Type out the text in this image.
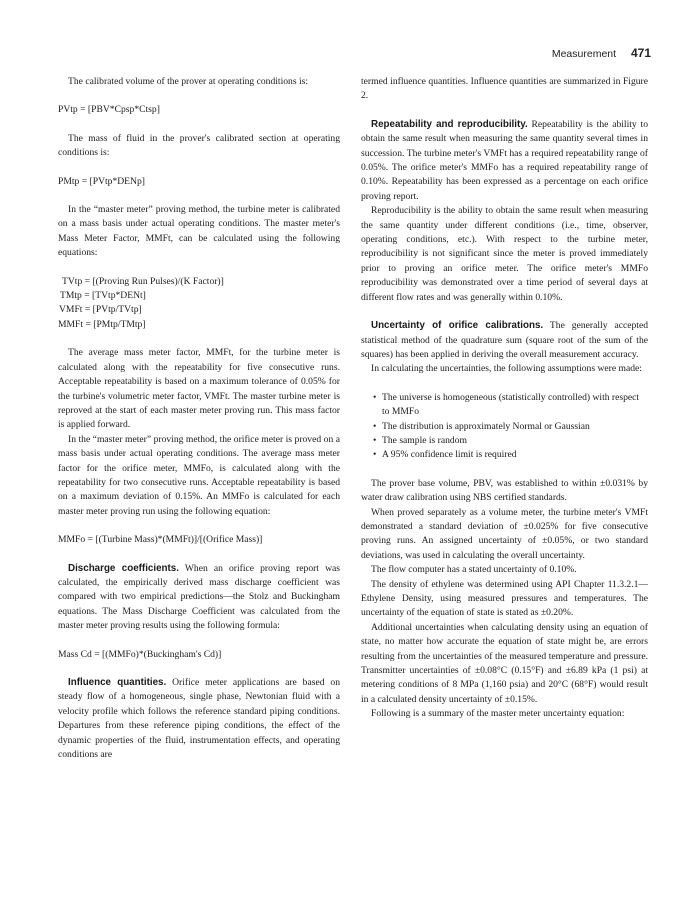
Measurement 471

The calibrated volume of the prover at operating conditions is:

PVtp = [PBV*Cpsp*Ctsp]

The mass of fluid in the prover's calibrated section at operating conditions is:

PMtp = [PVtp*DENp]

In the “master meter” proving method, the turbine meter is calibrated on a mass basis under actual operating conditions. The master meter's Mass Meter Factor, MMFt, can be calculated using the following equations:

TVtp = [(Proving Run Pulses)/(K Factor)]

TMtp = [TVtp*DENt]

VMFt = [PVtp/TVtp]

MMFt = [PMtp/TMtp]

The average mass meter factor, MMFt, for the turbine meter is calculated along with the repeatability for five consecutive runs. Acceptable repeatability is based on a maximum tolerance of 0.05% for the turbine's volumetric meter factor, VMFt. The master turbine meter is reproved at the start of each master meter proving run. This mass factor is applied forward.

In the “master meter” proving method, the orifice meter is proved on a mass basis under actual operating conditions. The average mass meter factor for the orifice meter, MMFo, is calculated along with the repeatability for two consecutive runs. Acceptable repeatability is based on a maximum deviation of 0.15%. An MMFo is calculated for each master meter proving run using the following equation:

MMFo = [(Turbine Mass)*(MMFt)]/[(Orifice Mass)]

Discharge coefficients. When an orifice proving report was calculated, the empirically derived mass discharge coefficient was compared with two empirical predictions—the Stolz and Buckingham equations. The Mass Discharge Coefficient was calculated from the master meter proving results using the following formula:

Mass Cd = [(MMFo)*(Buckingham's Cd)]

Influence quantities. Orifice meter applications are based on steady flow of a homogeneous, single phase, Newtonian fluid with a velocity profile which follows the reference standard piping conditions. Departures from these reference piping conditions, the effect of the dynamic properties of the fluid, instrumentation effects, and operating conditions are

termed influence quantities. Influence quantities are summarized in Figure 2.

Repeatability and reproducibility. Repeatability is the ability to obtain the same result when measuring the same quantity several times in succession. The turbine meter's VMFt has a required repeatability range of 0.05%. The orifice meter's MMFo has a required repeatability range of 0.10%. Repeatability has been expressed as a percentage on each orifice proving report.

Reproducibility is the ability to obtain the same result when measuring the same quantity under different conditions (i.e., time, observer, operating conditions, etc.). With respect to the turbine meter, reproducibility is not significant since the meter is proved immediately prior to proving an orifice meter. The orifice meter's MMFo reproducibility was demonstrated over a time period of several days at different flow rates and was generally within 0.10%.

Uncertainty of orifice calibrations. The generally accepted statistical method of the quadrature sum (square root of the sum of the squares) has been applied in deriving the overall measurement accuracy.

In calculating the uncertainties, the following assumptions were made:

• The universe is homogeneous (statistically controlled) with respect to MMFo
• The distribution is approximately Normal or Gaussian
• The sample is random
• A 95% confidence limit is required

The prover base volume, PBV, was established to within ±0.031% by water draw calibration using NBS certified standards.

When proved separately as a volume meter, the turbine meter's VMFt demonstrated a standard deviation of ±0.025% for five consecutive proving runs. An assigned uncertainty of ±0.05%, or two standard deviations, was used in calculating the overall uncertainty.

The flow computer has a stated uncertainty of 0.10%.

The density of ethylene was determined using API Chapter 11.3.2.1—Ethylene Density, using measured pressures and temperatures. The uncertainty of the equation of state is stated as ±0.20%.

Additional uncertainties when calculating density using an equation of state, no matter how accurate the equation of state might be, are errors resulting from the uncertainties of the measured temperature and pressure. Transmitter uncertainties of ±0.08°C (0.15°F) and ±6.89 kPa (1 psi) at metering conditions of 8 MPa (1,160 psia) and 20°C (68°F) would result in a calculated density uncertainty of ±0.15%.

Following is a summary of the master meter uncertainty equation:
